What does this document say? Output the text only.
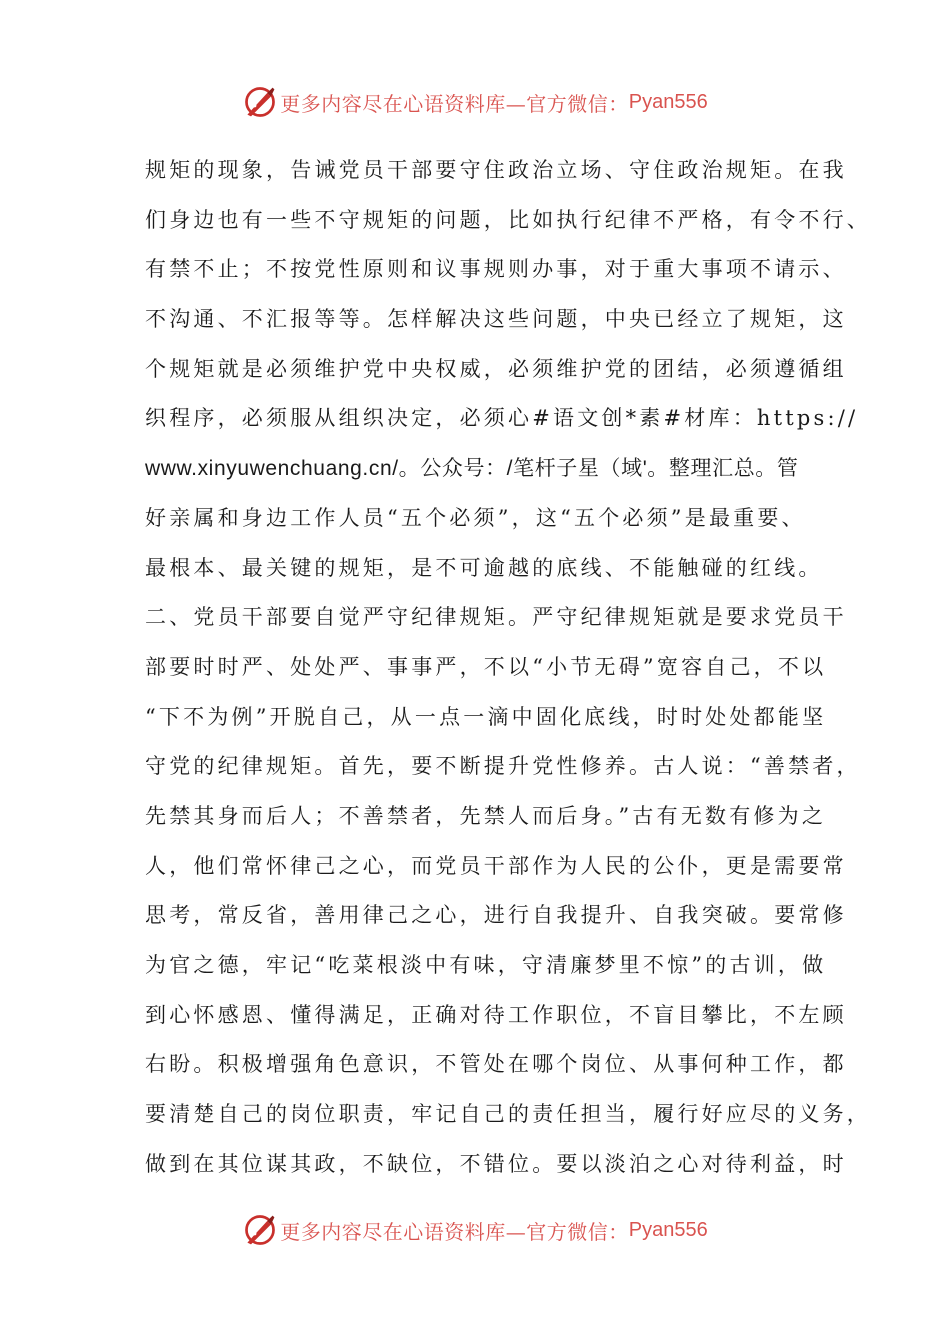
更多内容尽在心语资料库—官方微信： Pyan556
规矩的现象，告诫党员干部要守住政治立场、守住政治规矩。在我
们身边也有一些不守规矩的问题，比如执行纪律不严格，有令不行、
有禁不止；不按党性原则和议事规则办事，对于重大事项不请示、
不沟通、不汇报等等。怎样解决这些问题，中央已经立了规矩，这
个规矩就是必须维护党中央权威，必须维护党的团结，必须遵循组
织程序，必须服从组织决定，必须心#语文创*素#材库：https://
www.xinyuwenchuang.cn/。公众号：/笔杆子星（域'。整理汇总。管
好亲属和身边工作人员“五个必须”，这“五个必须”是最重要、
最根本、最关键的规矩，是不可逾越的底线、不能触碰的红线。
二、党员干部要自觉严守纪律规矩。严守纪律规矩就是要求党员干
部要时时严、处处严、事事严，不以“小节无碍”宽容自己，不以
“下不为例”开脱自己，从一点一滴中固化底线，时时处处都能坚
守党的纪律规矩。首先，要不断提升党性修养。古人说：“善禁者，
先禁其身而后人；不善禁者，先禁人而后身。”古有无数有修为之
人，他们常怀律己之心，而党员干部作为人民的公仆，更是需要常
思考，常反省，善用律己之心，进行自我提升、自我突破。要常修
为官之德，牢记“吃菜根淡中有味，守清廉梦里不惊”的古训，做
到心怀感恩、懂得满足，正确对待工作职位，不盲目攀比，不左顾
右盼。积极增强角色意识，不管处在哪个岗位、从事何种工作，都
要清楚自己的岗位职责，牢记自己的责任担当，履行好应尽的义务，
做到在其位谋其政，不缺位，不错位。要以淡泊之心对待利益，时
更多内容尽在心语资料库—官方微信： Pyan556
